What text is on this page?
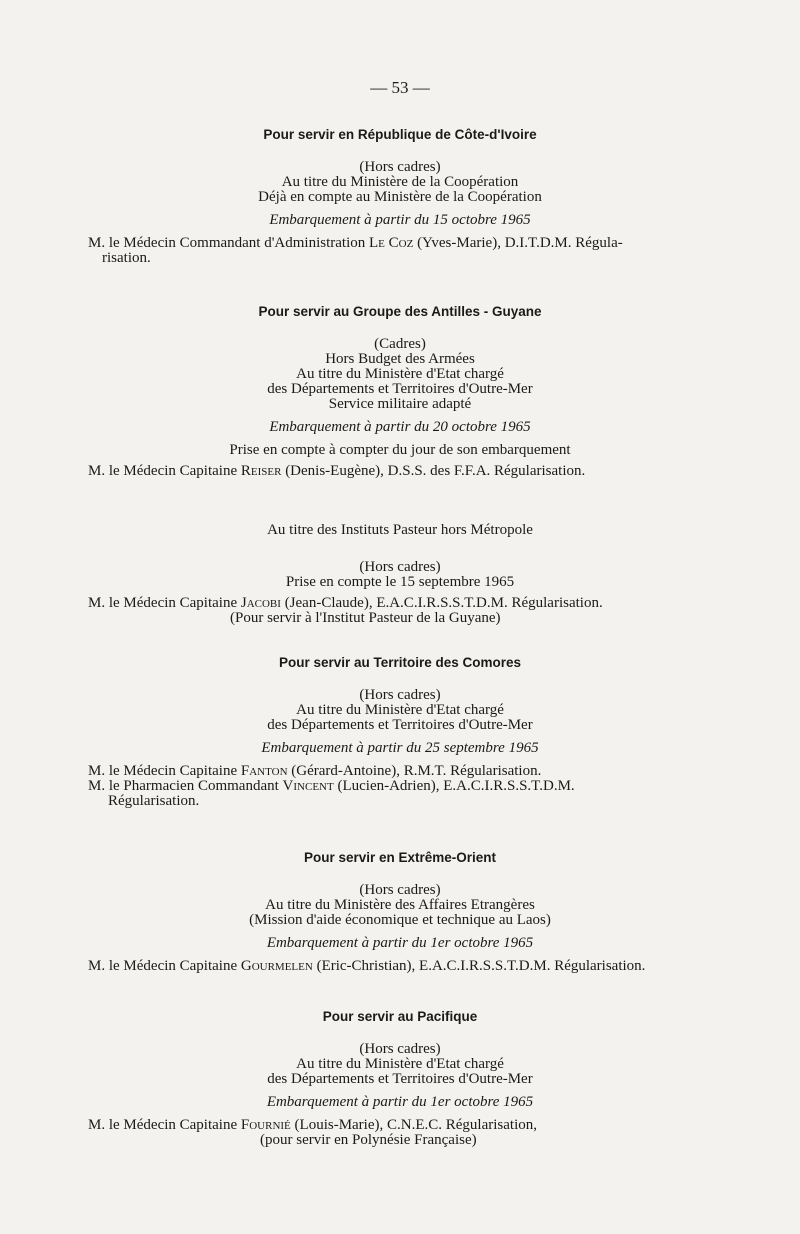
— 53 —
Pour servir en République de Côte-d'Ivoire
(Hors cadres)
Au titre du Ministère de la Coopération
Déjà en compte au Ministère de la Coopération
Embarquement à partir du 15 octobre 1965
M. le Médecin Commandant d'Administration Le Coz (Yves-Marie), D.I.T.D.M. Régula-
risation.
Pour servir au Groupe des Antilles - Guyane
(Cadres)
Hors Budget des Armées
Au titre du Ministère d'Etat chargé
des Départements et Territoires d'Outre-Mer
Service militaire adapté
Embarquement à partir du 20 octobre 1965
Prise en compte à compter du jour de son embarquement
M. le Médecin Capitaine Reiser (Denis-Eugène), D.S.S. des F.F.A. Régularisation.
Au titre des Instituts Pasteur hors Métropole
(Hors cadres)
Prise en compte le 15 septembre 1965
M. le Médecin Capitaine Jacobi (Jean-Claude), E.A.C.I.R.S.S.T.D.M. Régularisation.
(Pour servir à l'Institut Pasteur de la Guyane)
Pour servir au Territoire des Comores
(Hors cadres)
Au titre du Ministère d'Etat chargé
des Départements et Territoires d'Outre-Mer
Embarquement à partir du 25 septembre 1965
M. le Médecin Capitaine Fanton (Gérard-Antoine), R.M.T. Régularisation.
M. le Pharmacien Commandant Vincent (Lucien-Adrien), E.A.C.I.R.S.S.T.D.M.
Régularisation.
Pour servir en Extrême-Orient
(Hors cadres)
Au titre du Ministère des Affaires Etrangères
(Mission d'aide économique et technique au Laos)
Embarquement à partir du 1er octobre 1965
M. le Médecin Capitaine Gourmelen (Eric-Christian), E.A.C.I.R.S.S.T.D.M. Régularisation.
Pour servir au Pacifique
(Hors cadres)
Au titre du Ministère d'Etat chargé
des Départements et Territoires d'Outre-Mer
Embarquement à partir du 1er octobre 1965
M. le Médecin Capitaine Fournié (Louis-Marie), C.N.E.C. Régularisation,
(pour servir en Polynésie Française)
